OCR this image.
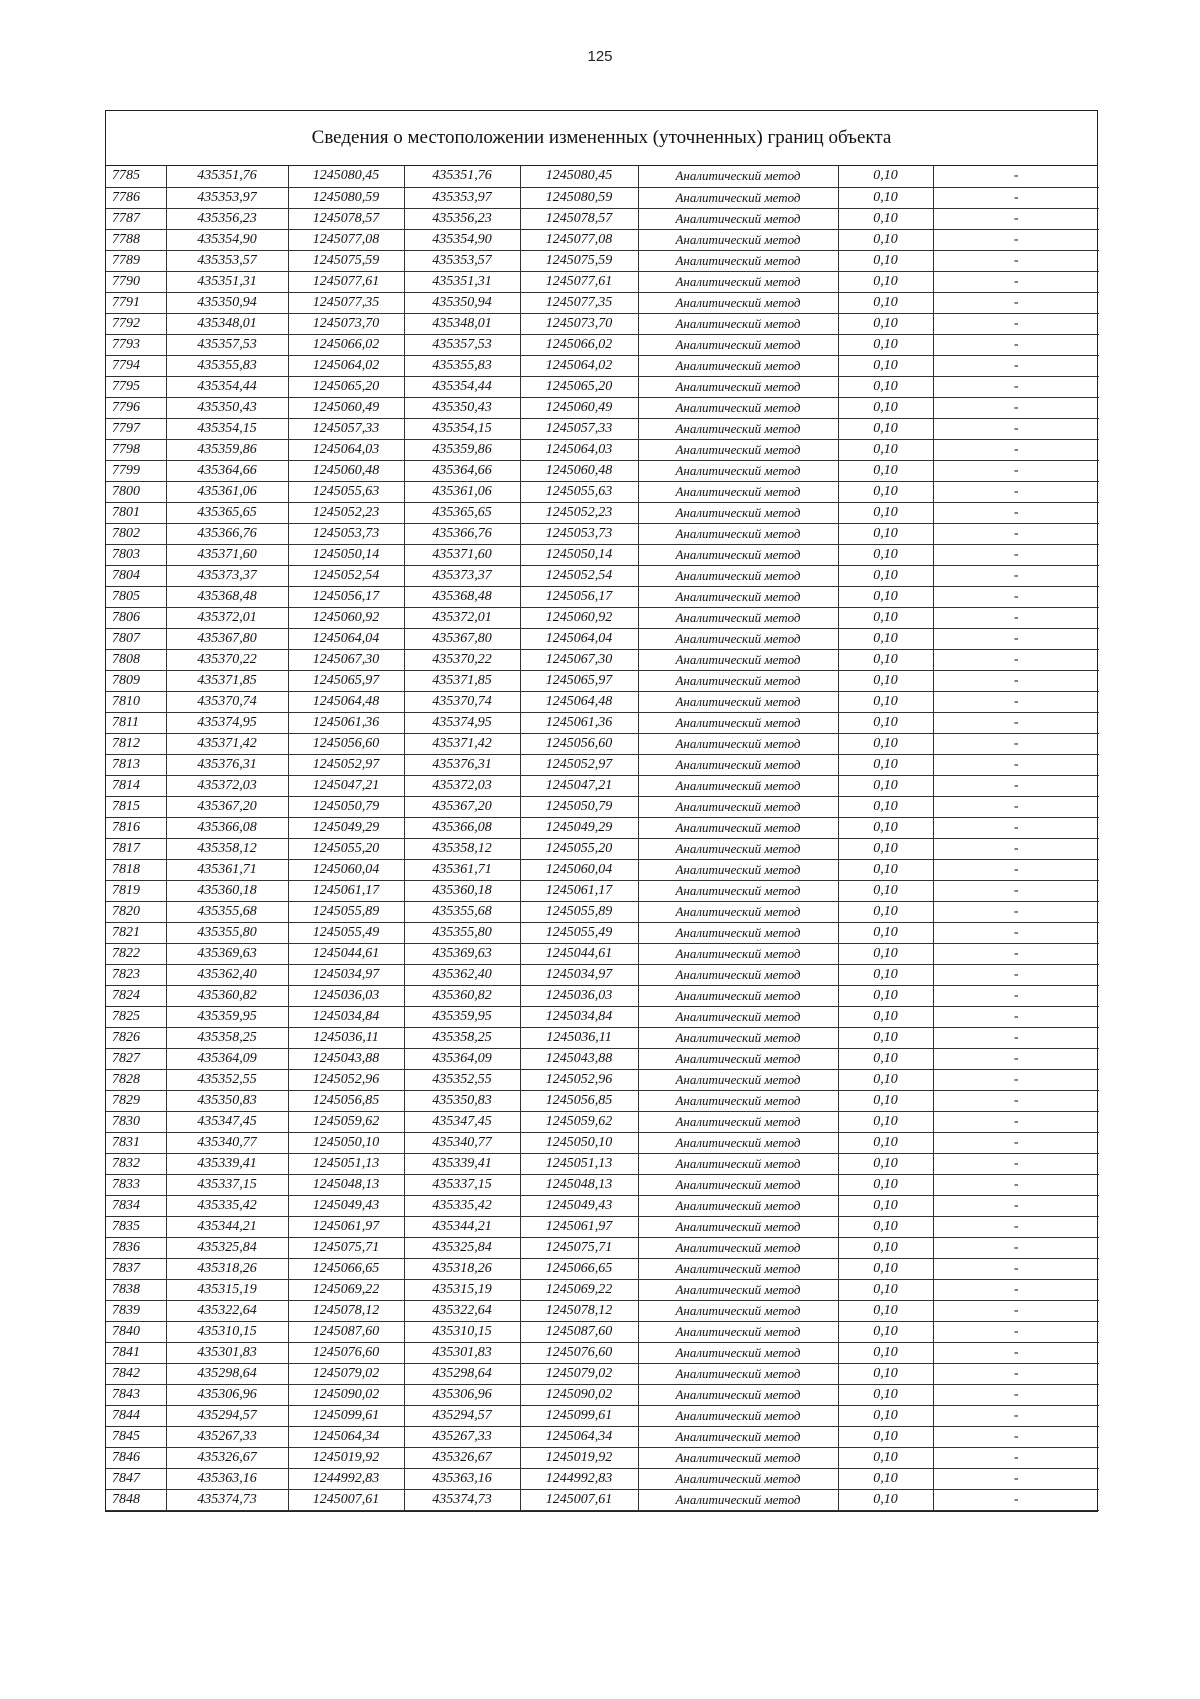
125
Сведения о местоположении измененных (уточненных) границ объекта
7785	435351,76	1245080,45	435351,76	1245080,45	Аналитический метод	0,10	-
7786	435353,97	1245080,59	435353,97	1245080,59	Аналитический метод	0,10	-
7787	435356,23	1245078,57	435356,23	1245078,57	Аналитический метод	0,10	-
7788	435354,90	1245077,08	435354,90	1245077,08	Аналитический метод	0,10	-
7789	435353,57	1245075,59	435353,57	1245075,59	Аналитический метод	0,10	-
7790	435351,31	1245077,61	435351,31	1245077,61	Аналитический метод	0,10	-
7791	435350,94	1245077,35	435350,94	1245077,35	Аналитический метод	0,10	-
7792	435348,01	1245073,70	435348,01	1245073,70	Аналитический метод	0,10	-
7793	435357,53	1245066,02	435357,53	1245066,02	Аналитический метод	0,10	-
7794	435355,83	1245064,02	435355,83	1245064,02	Аналитический метод	0,10	-
7795	435354,44	1245065,20	435354,44	1245065,20	Аналитический метод	0,10	-
7796	435350,43	1245060,49	435350,43	1245060,49	Аналитический метод	0,10	-
7797	435354,15	1245057,33	435354,15	1245057,33	Аналитический метод	0,10	-
7798	435359,86	1245064,03	435359,86	1245064,03	Аналитический метод	0,10	-
7799	435364,66	1245060,48	435364,66	1245060,48	Аналитический метод	0,10	-
7800	435361,06	1245055,63	435361,06	1245055,63	Аналитический метод	0,10	-
7801	435365,65	1245052,23	435365,65	1245052,23	Аналитический метод	0,10	-
7802	435366,76	1245053,73	435366,76	1245053,73	Аналитический метод	0,10	-
7803	435371,60	1245050,14	435371,60	1245050,14	Аналитический метод	0,10	-
7804	435373,37	1245052,54	435373,37	1245052,54	Аналитический метод	0,10	-
7805	435368,48	1245056,17	435368,48	1245056,17	Аналитический метод	0,10	-
7806	435372,01	1245060,92	435372,01	1245060,92	Аналитический метод	0,10	-
7807	435367,80	1245064,04	435367,80	1245064,04	Аналитический метод	0,10	-
7808	435370,22	1245067,30	435370,22	1245067,30	Аналитический метод	0,10	-
7809	435371,85	1245065,97	435371,85	1245065,97	Аналитический метод	0,10	-
7810	435370,74	1245064,48	435370,74	1245064,48	Аналитический метод	0,10	-
7811	435374,95	1245061,36	435374,95	1245061,36	Аналитический метод	0,10	-
7812	435371,42	1245056,60	435371,42	1245056,60	Аналитический метод	0,10	-
7813	435376,31	1245052,97	435376,31	1245052,97	Аналитический метод	0,10	-
7814	435372,03	1245047,21	435372,03	1245047,21	Аналитический метод	0,10	-
7815	435367,20	1245050,79	435367,20	1245050,79	Аналитический метод	0,10	-
7816	435366,08	1245049,29	435366,08	1245049,29	Аналитический метод	0,10	-
7817	435358,12	1245055,20	435358,12	1245055,20	Аналитический метод	0,10	-
7818	435361,71	1245060,04	435361,71	1245060,04	Аналитический метод	0,10	-
7819	435360,18	1245061,17	435360,18	1245061,17	Аналитический метод	0,10	-
7820	435355,68	1245055,89	435355,68	1245055,89	Аналитический метод	0,10	-
7821	435355,80	1245055,49	435355,80	1245055,49	Аналитический метод	0,10	-
7822	435369,63	1245044,61	435369,63	1245044,61	Аналитический метод	0,10	-
7823	435362,40	1245034,97	435362,40	1245034,97	Аналитический метод	0,10	-
7824	435360,82	1245036,03	435360,82	1245036,03	Аналитический метод	0,10	-
7825	435359,95	1245034,84	435359,95	1245034,84	Аналитический метод	0,10	-
7826	435358,25	1245036,11	435358,25	1245036,11	Аналитический метод	0,10	-
7827	435364,09	1245043,88	435364,09	1245043,88	Аналитический метод	0,10	-
7828	435352,55	1245052,96	435352,55	1245052,96	Аналитический метод	0,10	-
7829	435350,83	1245056,85	435350,83	1245056,85	Аналитический метод	0,10	-
7830	435347,45	1245059,62	435347,45	1245059,62	Аналитический метод	0,10	-
7831	435340,77	1245050,10	435340,77	1245050,10	Аналитический метод	0,10	-
7832	435339,41	1245051,13	435339,41	1245051,13	Аналитический метод	0,10	-
7833	435337,15	1245048,13	435337,15	1245048,13	Аналитический метод	0,10	-
7834	435335,42	1245049,43	435335,42	1245049,43	Аналитический метод	0,10	-
7835	435344,21	1245061,97	435344,21	1245061,97	Аналитический метод	0,10	-
7836	435325,84	1245075,71	435325,84	1245075,71	Аналитический метод	0,10	-
7837	435318,26	1245066,65	435318,26	1245066,65	Аналитический метод	0,10	-
7838	435315,19	1245069,22	435315,19	1245069,22	Аналитический метод	0,10	-
7839	435322,64	1245078,12	435322,64	1245078,12	Аналитический метод	0,10	-
7840	435310,15	1245087,60	435310,15	1245087,60	Аналитический метод	0,10	-
7841	435301,83	1245076,60	435301,83	1245076,60	Аналитический метод	0,10	-
7842	435298,64	1245079,02	435298,64	1245079,02	Аналитический метод	0,10	-
7843	435306,96	1245090,02	435306,96	1245090,02	Аналитический метод	0,10	-
7844	435294,57	1245099,61	435294,57	1245099,61	Аналитический метод	0,10	-
7845	435267,33	1245064,34	435267,33	1245064,34	Аналитический метод	0,10	-
7846	435326,67	1245019,92	435326,67	1245019,92	Аналитический метод	0,10	-
7847	435363,16	1244992,83	435363,16	1244992,83	Аналитический метод	0,10	-
7848	435374,73	1245007,61	435374,73	1245007,61	Аналитический метод	0,10	-
